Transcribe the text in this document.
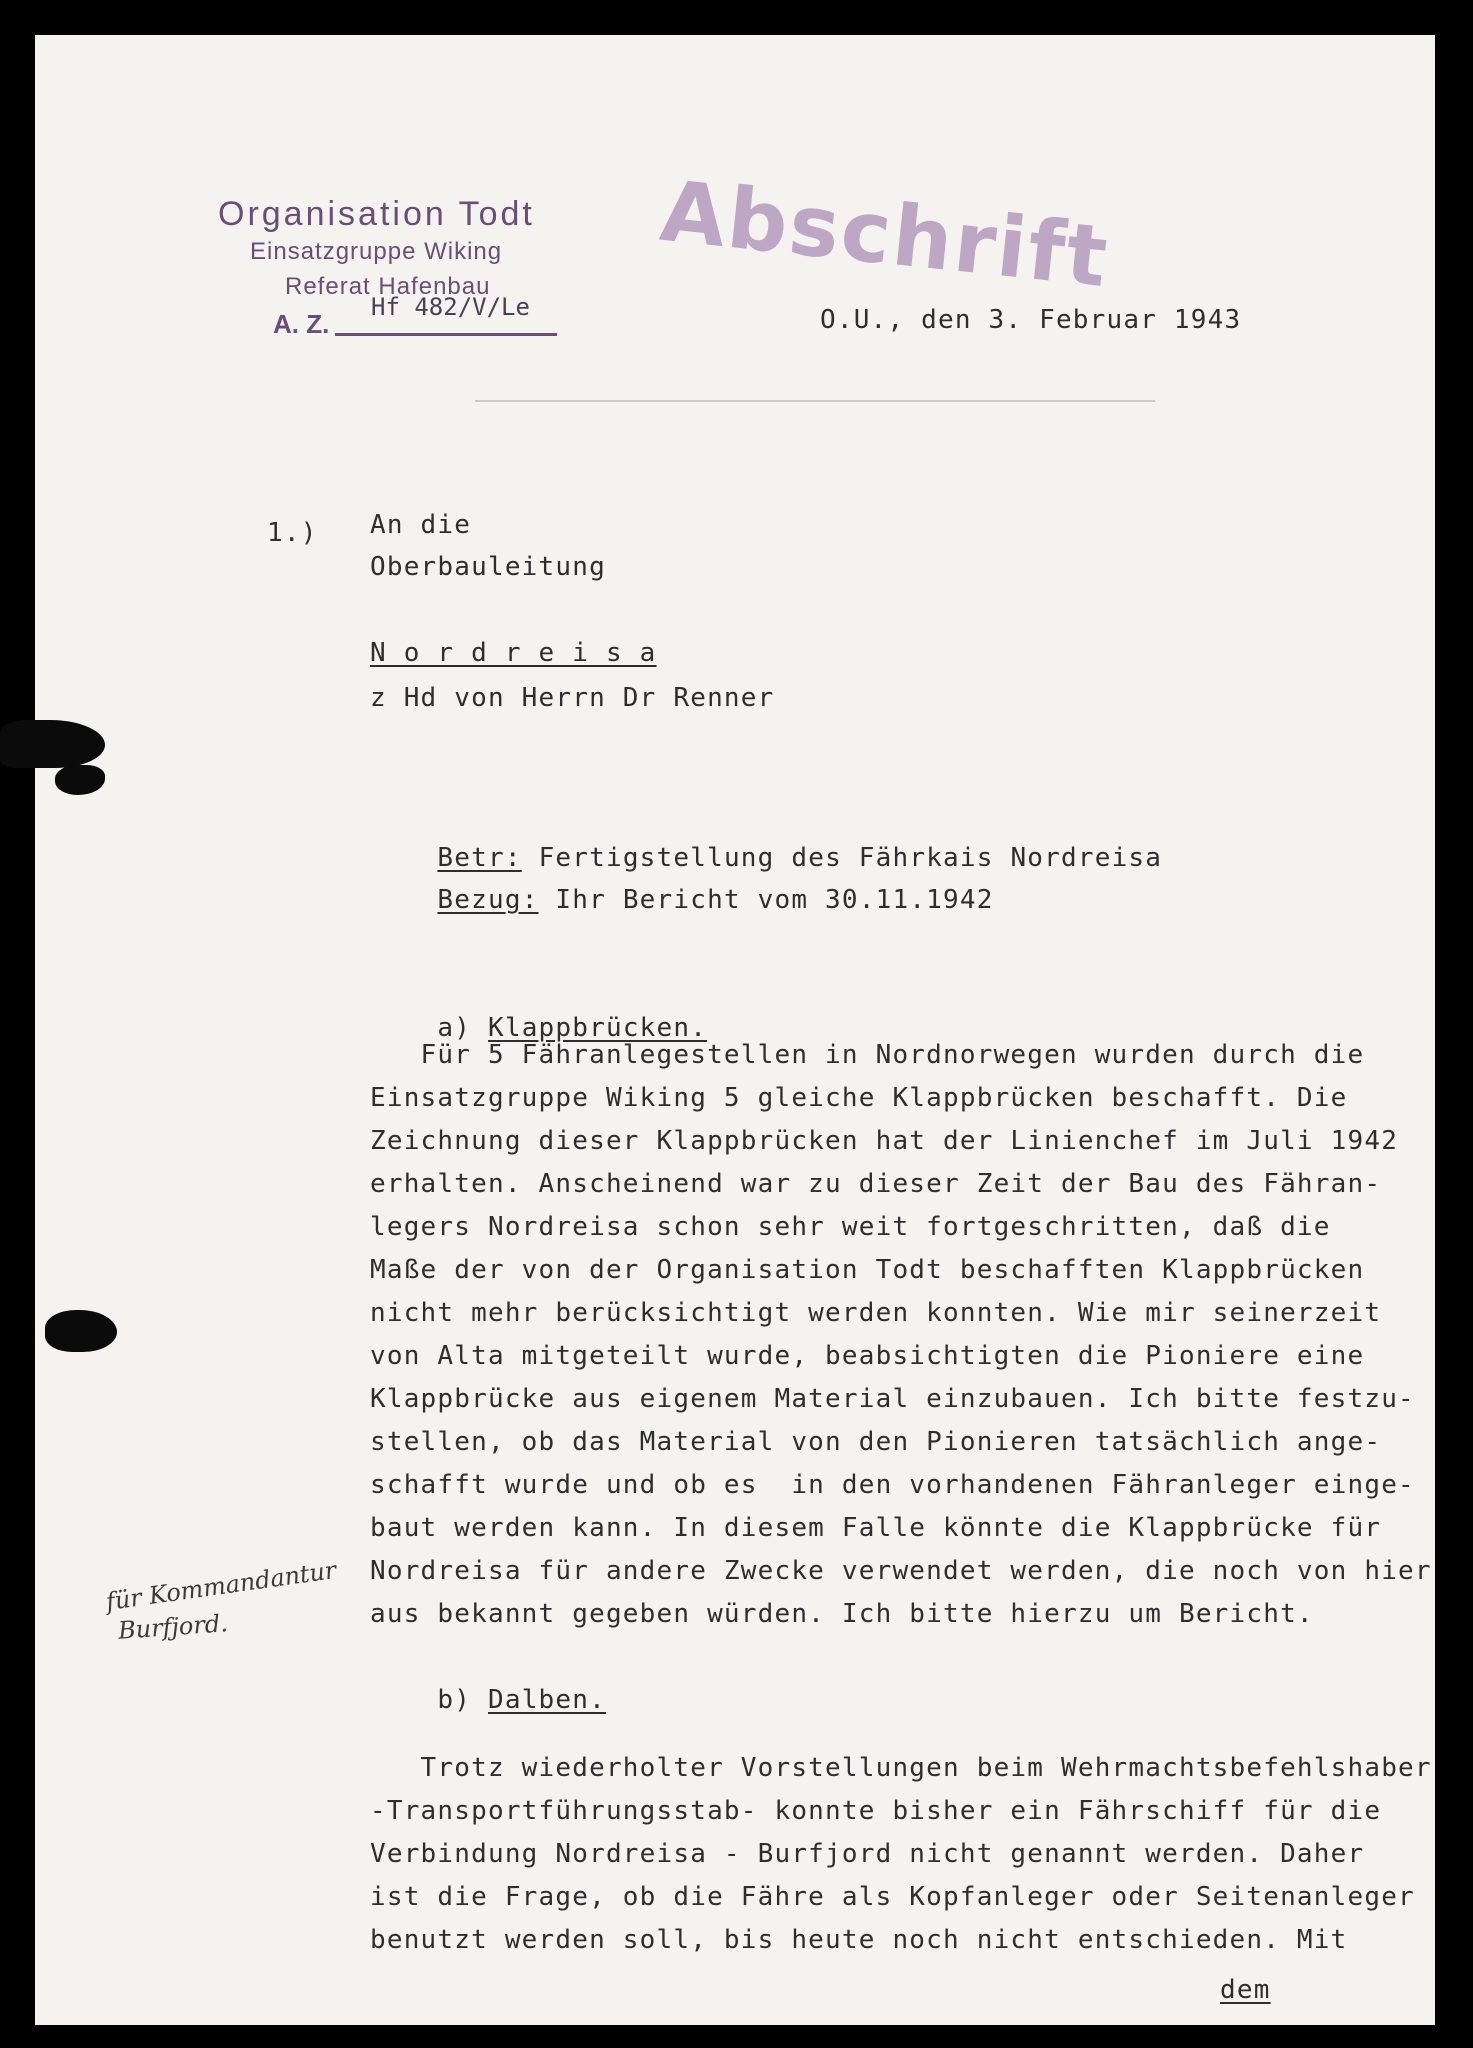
Organisation Todt
Einsatzgruppe Wiking
Referat Hafenbau
A. Z.
Hf 482/V/Le
Abschrift
O.U., den 3. Februar 1943
1.) An die
Oberbauleitung
N o r d r e i s a
z Hd von Herrn Dr Renner

Betr: Fertigstellung des Fährkais Nordreisa

Bezug: Ihr Bericht vom 30.11.1942

a) Klappbrücken.

Für 5 Fähranlegestellen in Nordnorwegen wurden durch die
Einsatzgruppe Wiking 5 gleiche Klappbrücken beschafft. Die
Zeichnung dieser Klappbrücken hat der Linienchef im Juli 1942
erhalten. Anscheinend war zu dieser Zeit der Bau des Fähran-
legers Nordreisa schon sehr weit fortgeschritten, daß die
Maße der von der Organisation Todt beschafften Klappbrücken
nicht mehr berücksichtigt werden konnten. Wie mir seinerzeit
von Alta mitgeteilt wurde, beabsichtigten die Pioniere eine
Klappbrücke aus eigenem Material einzubauen. Ich bitte festzu-
stellen, ob das Material von den Pionieren tatsächlich ange-
schafft wurde und ob es  in den vorhandenen Fähranleger einge-
baut werden kann. In diesem Falle könnte die Klappbrücke für
Nordreisa für andere Zwecke verwendet werden, die noch von hier
aus bekannt gegeben würden. Ich bitte hierzu um Bericht.

b) Dalben.

Trotz wiederholter Vorstellungen beim Wehrmachtsbefehlshaber
-Transportführungsstab- konnte bisher ein Fährschiff für die
Verbindung Nordreisa - Burfjord nicht genannt werden. Daher
ist die Frage, ob die Fähre als Kopfanleger oder Seitenanleger
benutzt werden soll, bis heute noch nicht entschieden. Mit
dem
für Kommandantur
Burfjord.
